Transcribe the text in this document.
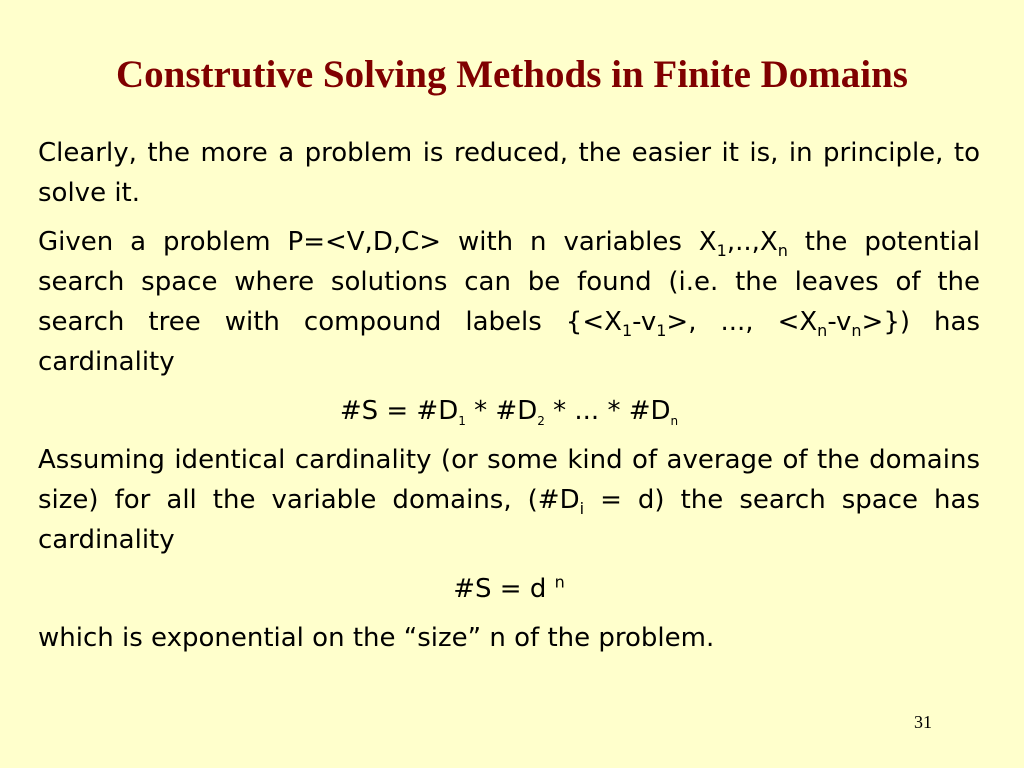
Construtive Solving Methods in Finite Domains

Clearly, the more a problem is reduced, the easier it is, in principle, to solve it.

Given a problem P=<V,D,C> with n variables $X_1,..,X_n$ the potential search space where solutions can be found (i.e. the leaves of the search tree with compound labels {$<X_1-v_1>$, ..., $<X_n-v_n>$}) has cardinality

#S = $\#D_1$ * $\#D_2$ * ... * $\#D_n$

Assuming identical cardinality (or some kind of average of the domains size) for all the variable domains, $(\#D_i = d)$ the search space has cardinality

#S = d $^n$

which is exponential on the “size” n of the problem.

31
